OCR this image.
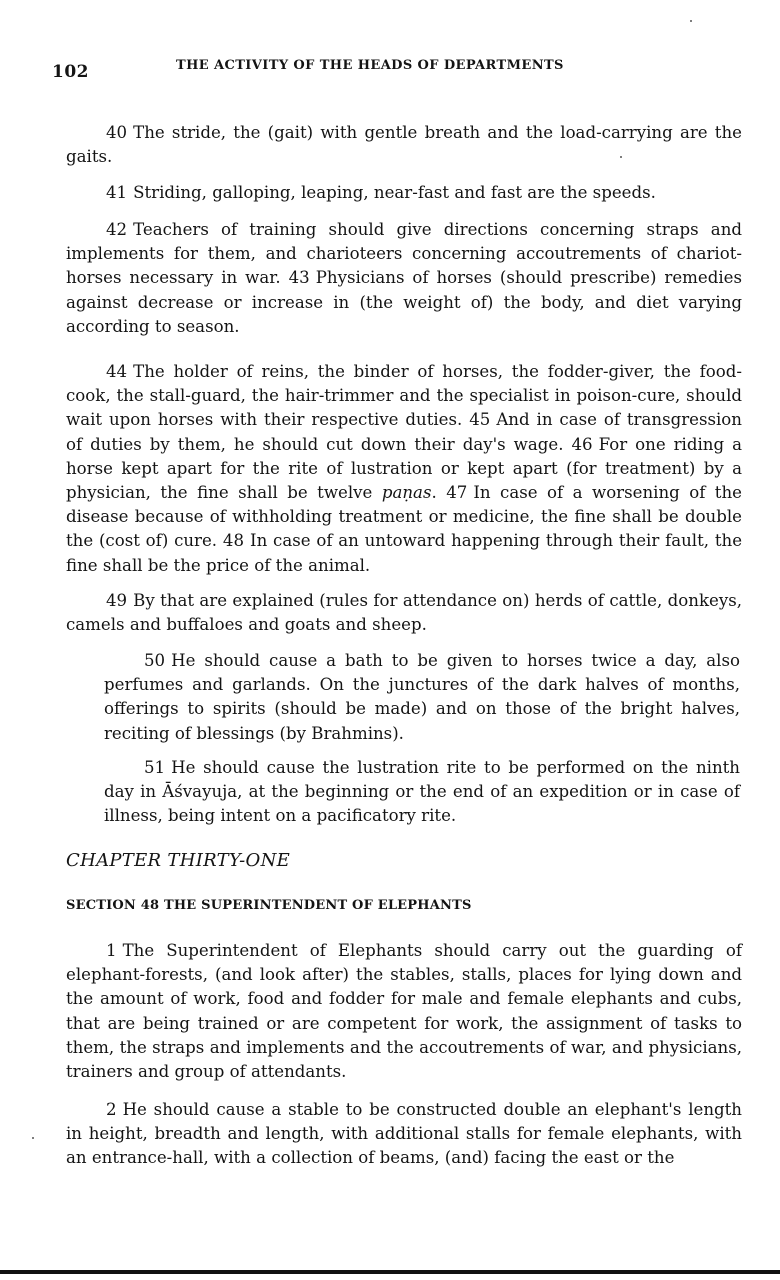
102	THE ACTIVITY OF THE HEADS OF DEPARTMENTS

40 The stride, the (gait) with gentle breath and the load-carrying are the gaits.

41 Striding, galloping, leaping, near-fast and fast are the speeds.

42 Teachers of training should give directions concerning straps and implements for them, and charioteers concerning accoutrements of chariot-horses necessary in war. 43 Physicians of horses (should prescribe) remedies against decrease or increase in (the weight of) the body, and diet varying according to season.

44 The holder of reins, the binder of horses, the fodder-giver, the food-cook, the stall-guard, the hair-trimmer and the specialist in poison-cure, should wait upon horses with their respective duties. 45 And in case of transgression of duties by them, he should cut down their day's wage. 46 For one riding a horse kept apart for the rite of lustration or kept apart (for treatment) by a physician, the fine shall be twelve paṇas. 47 In case of a worsening of the disease because of withholding treatment or medicine, the fine shall be double the (cost of) cure. 48 In case of an untoward happening through their fault, the fine shall be the price of the animal.

49 By that are explained (rules for attendance on) herds of cattle, donkeys, camels and buffaloes and goats and sheep.

50 He should cause a bath to be given to horses twice a day, also perfumes and garlands. On the junctures of the dark halves of months, offerings to spirits (should be made) and on those of the bright halves, reciting of blessings (by Brahmins).

51 He should cause the lustration rite to be performed on the ninth day in Āśvayuja, at the beginning or the end of an expedition or in case of illness, being intent on a pacificatory rite.

CHAPTER THIRTY-ONE
SECTION 48 THE SUPERINTENDENT OF ELEPHANTS

1 The Superintendent of Elephants should carry out the guarding of elephant-forests, (and look after) the stables, stalls, places for lying down and the amount of work, food and fodder for male and female elephants and cubs, that are being trained or are competent for work, the assignment of tasks to them, the straps and implements and the accoutrements of war, and physicians, trainers and group of attendants.

2 He should cause a stable to be constructed double an elephant's length in height, breadth and length, with additional stalls for female elephants, with an entrance-hall, with a collection of beams, (and) facing the east or the
